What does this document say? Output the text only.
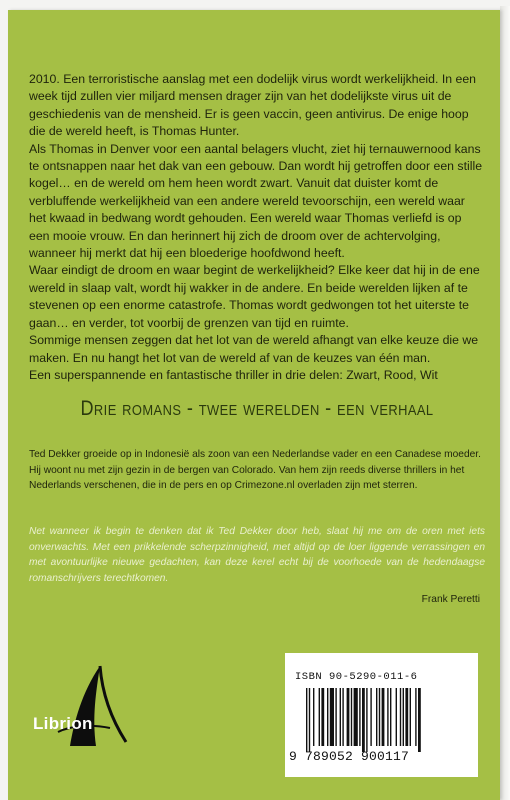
2010. Een terroristische aanslag met een dodelijk virus wordt werkelijkheid. In een week tijd zullen vier miljard mensen drager zijn van het dodelijkste virus uit de geschiedenis van de mensheid. Er is geen vaccin, geen antivirus. De enige hoop die de wereld heeft, is Thomas Hunter.

Als Thomas in Denver voor een aantal belagers vlucht, ziet hij ternauwernood kans te ontsnappen naar het dak van een gebouw. Dan wordt hij getroffen door een stille kogel… en de wereld om hem heen wordt zwart. Vanuit dat duister komt de verbluffende werkelijkheid van een andere wereld tevoorschijn, een wereld waar het kwaad in bedwang wordt gehouden. Een wereld waar Thomas verliefd is op een mooie vrouw. En dan herinnert hij zich de droom over de achtervolging, wanneer hij merkt dat hij een bloederige hoofdwond heeft.

Waar eindigt de droom en waar begint de werkelijkheid? Elke keer dat hij in de ene wereld in slaap valt, wordt hij wakker in de andere. En beide werelden lijken af te stevenen op een enorme catastrofe. Thomas wordt gedwongen tot het uiterste te gaan… en verder, tot voorbij de grenzen van tijd en ruimte.

Sommige mensen zeggen dat het lot van de wereld afhangt van elke keuze die we maken. En nu hangt het lot van de wereld af van de keuzes van één man.

Een superspannende en fantastische thriller in drie delen: Zwart, Rood, Wit
Drie romans - twee werelden - een verhaal
Ted Dekker groeide op in Indonesië als zoon van een Nederlandse vader en een Canadese moeder. Hij woont nu met zijn gezin in de bergen van Colorado. Van hem zijn reeds diverse thrillers in het Nederlands verschenen, die in de pers en op Crimezone.nl overladen zijn met sterren.
Net wanneer ik begin te denken dat ik Ted Dekker door heb, slaat hij me om de oren met iets onverwachts. Met een prikkelende scherpzinnigheid, met altijd op de loer liggende verrassingen en met avontuurlijke nieuwe gedachten, kan deze kerel echt bij de voorhoede van de hedendaagse romanschrijvers terechtkomen.
Frank Peretti
Librion
ISBN 90-5290-011-6
9 789052 900117
